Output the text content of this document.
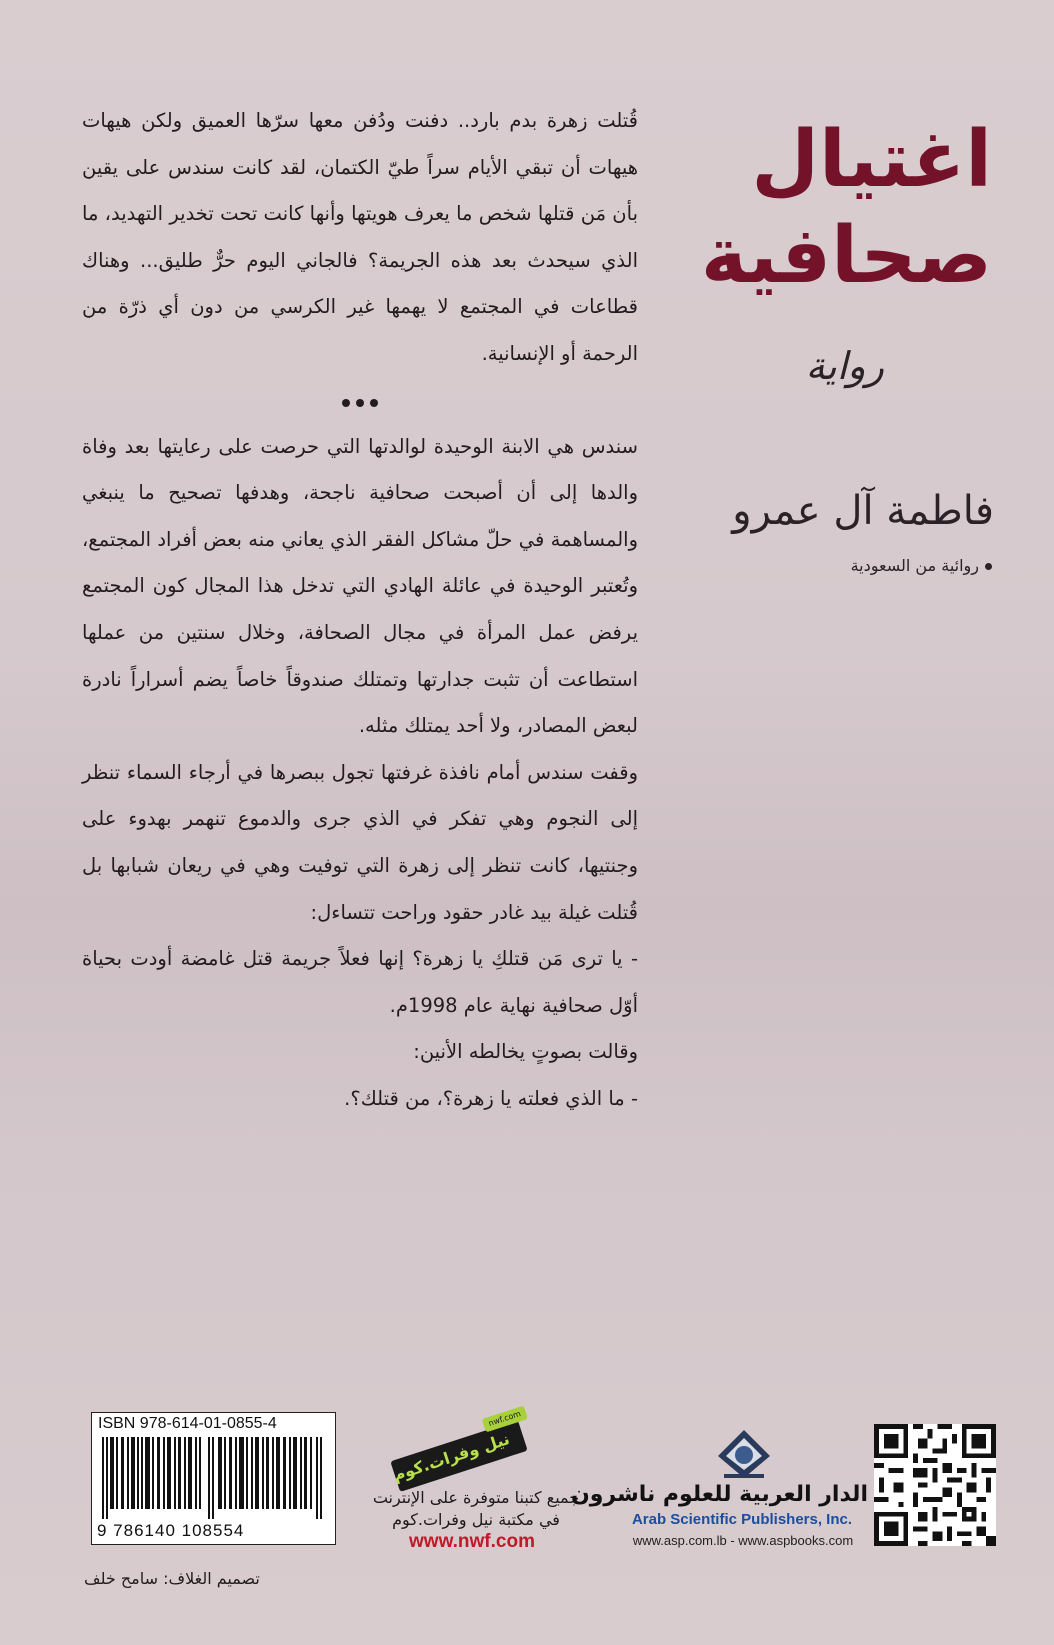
اغتيال
صحافية
رواية
فاطمة آل عمرو
روائية من السعودية

قُتلت زهرة بدم بارد.. دفنت ودُفن معها سرّها العميق ولكن هيهات هيهات أن تبقي الأيام سراً طيّ الكتمان، لقد كانت سندس على يقين بأن مَن قتلها شخص ما يعرف هويتها وأنها كانت تحت تخدير التهديد، ما الذي سيحدث بعد هذه الجريمة؟ فالجاني اليوم حرٌّ طليق... وهناك قطاعات في المجتمع لا يهمها غير الكرسي من دون أي ذرّة من الرحمة أو الإنسانية.

سندس هي الابنة الوحيدة لوالدتها التي حرصت على رعايتها بعد وفاة والدها إلى أن أصبحت صحافية ناجحة، وهدفها تصحيح ما ينبغي والمساهمة في حلّ مشاكل الفقر الذي يعاني منه بعض أفراد المجتمع، وتُعتبر الوحيدة في عائلة الهادي التي تدخل هذا المجال كون المجتمع يرفض عمل المرأة في مجال الصحافة، وخلال سنتين من عملها استطاعت أن تثبت جدارتها وتمتلك صندوقاً خاصاً يضم أسراراً نادرة لبعض المصادر، ولا أحد يمتلك مثله.

وقفت سندس أمام نافذة غرفتها تجول ببصرها في أرجاء السماء تنظر إلى النجوم وهي تفكر في الذي جرى والدموع تنهمر بهدوء على وجنتيها، كانت تنظر إلى زهرة التي توفيت وهي في ريعان شبابها بل قُتلت غيلة بيد غادر حقود وراحت تتساءل:

- يا ترى مَن قتلكِ يا زهرة؟ إنها فعلاً جريمة قتل غامضة أودت بحياة أوّل صحافية نهاية عام 1998م.

وقالت بصوتٍ يخالطه الأنين:

- ما الذي فعلته يا زهرة؟، من قتلك؟.

ISBN 978-614-01-0855-4
9 786140 108554
nwf.com
نيل وفرات.كوم
جميع كتبنا متوفرة على الإنترنت
في مكتبة نيل وفرات.كوم
www.nwf.com
الدار العربية للعلوم ناشرون
Arab Scientific Publishers, Inc.
www.asp.com.lb - www.aspbooks.com
تصميم الغلاف: سامح خلف
